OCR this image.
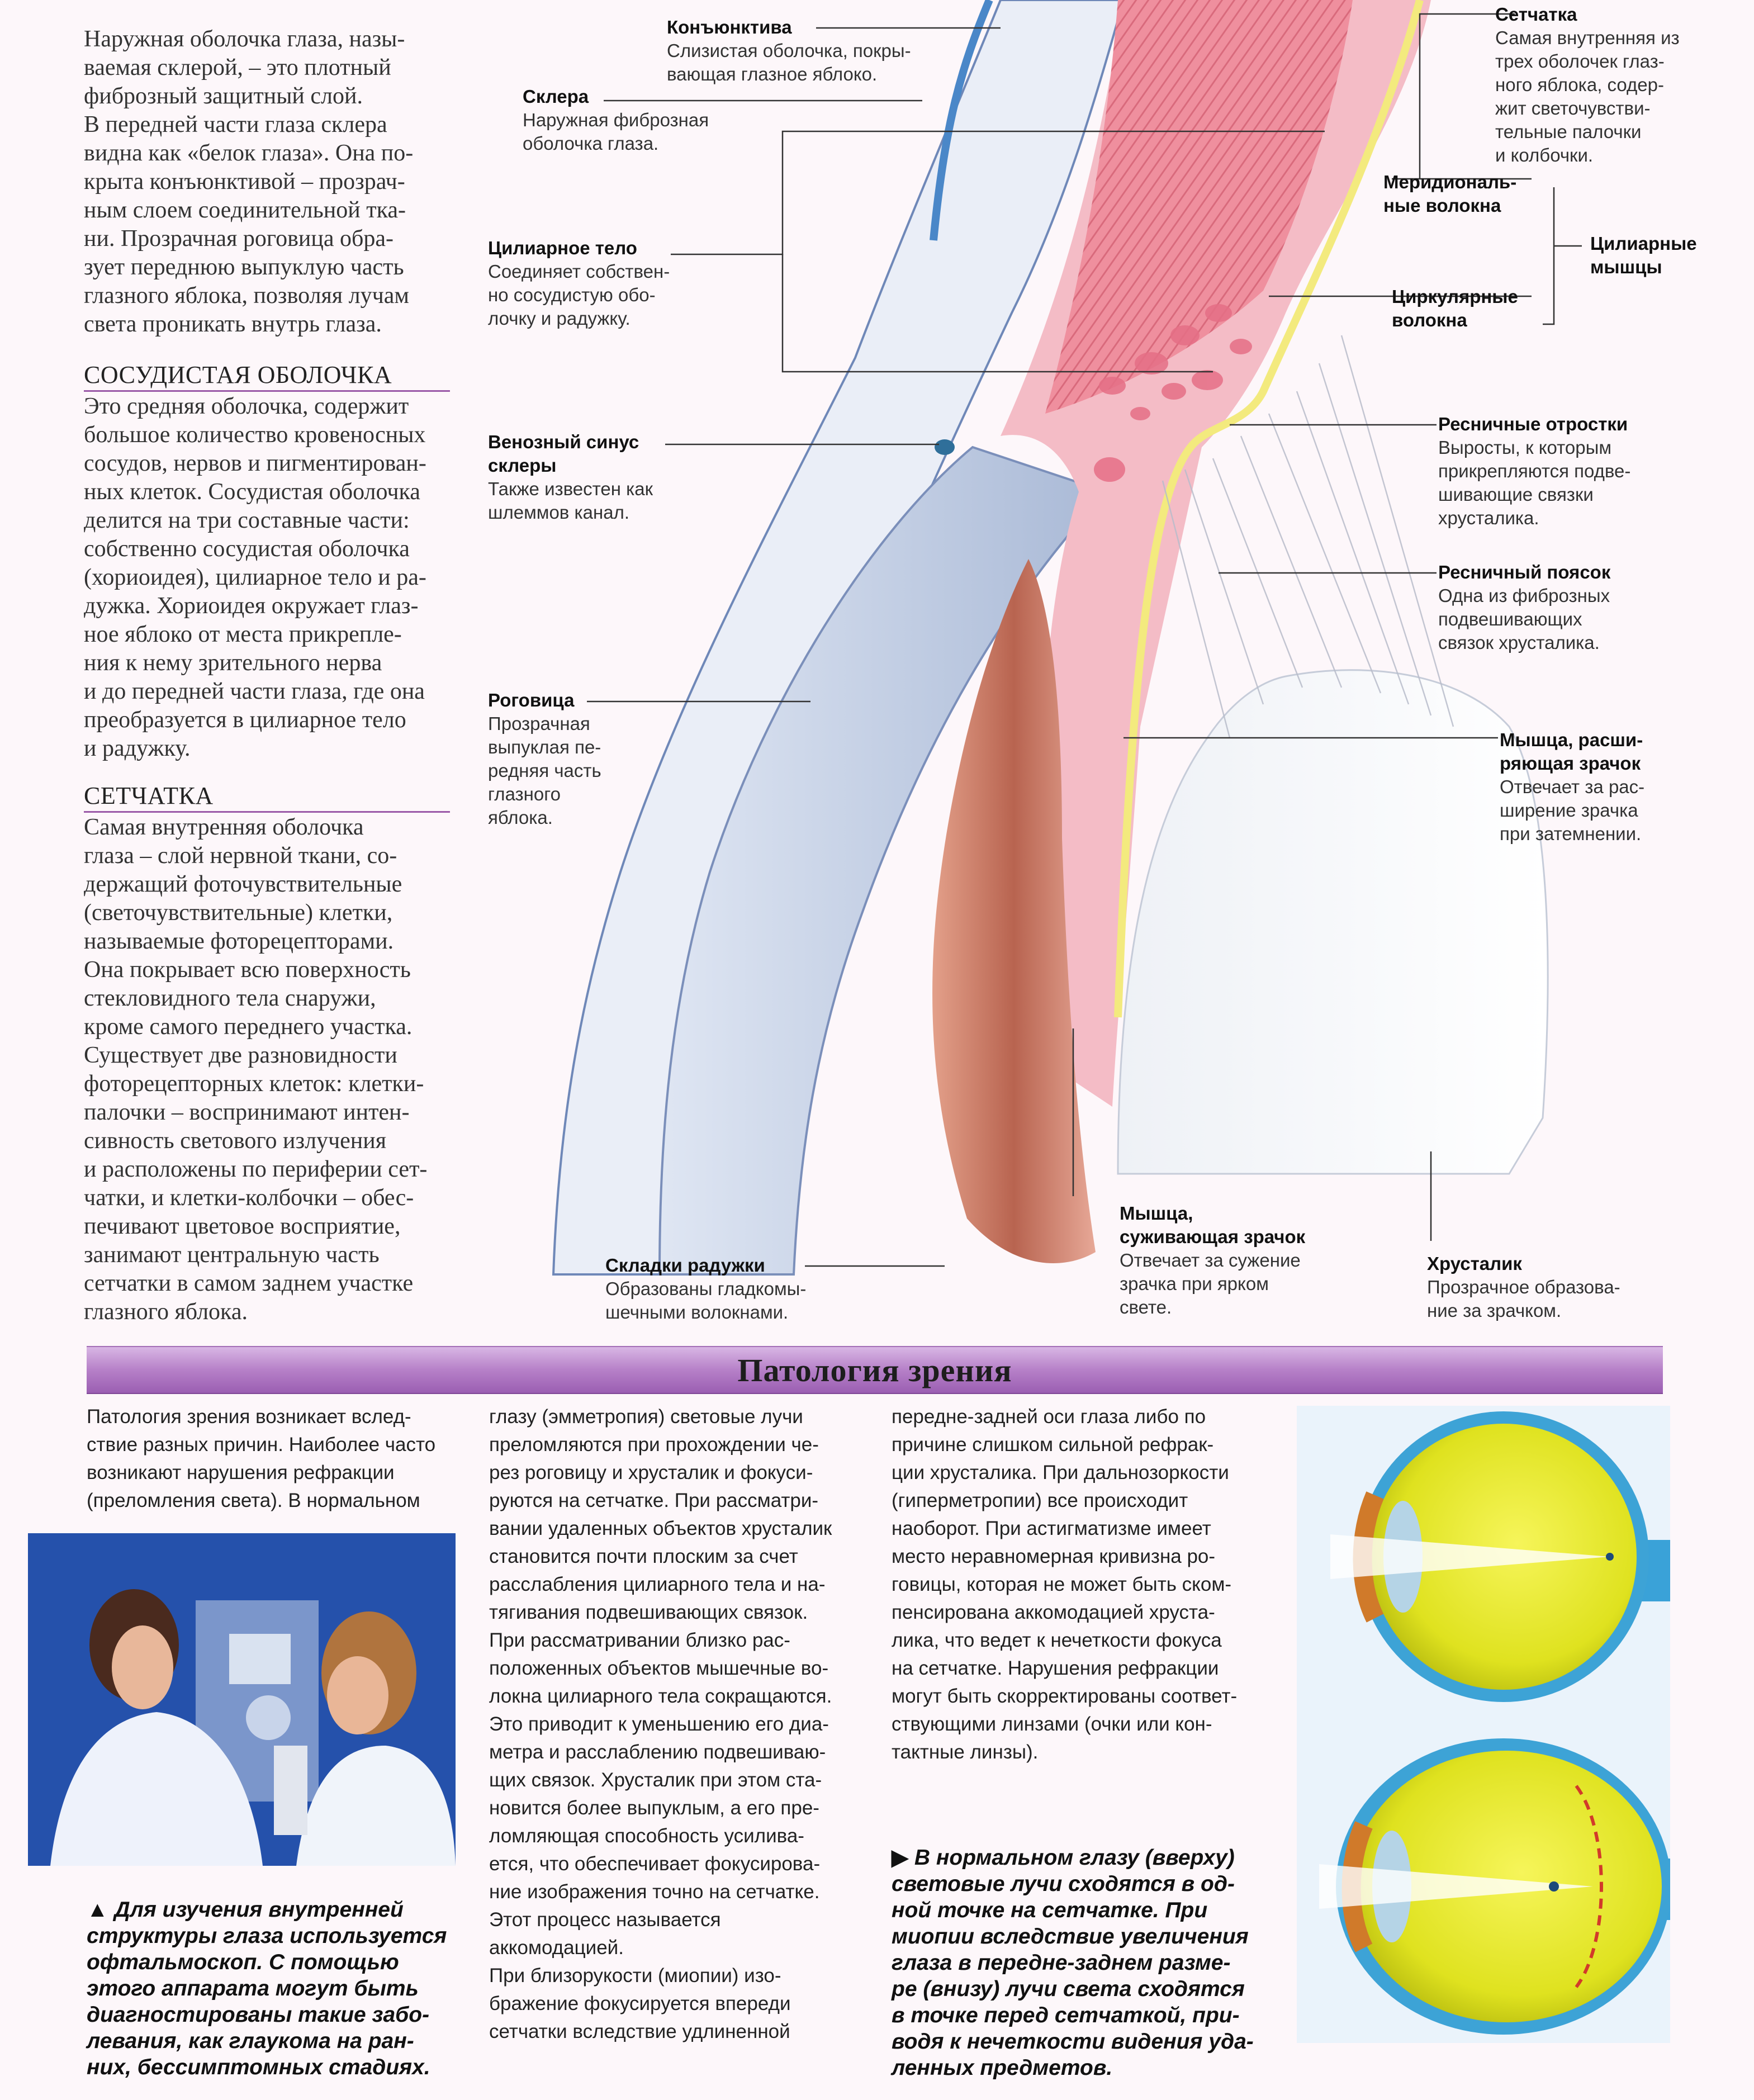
Наружная оболочка глаза, назы-
ваемая склерой, – это плотный
фиброзный защитный слой.
В передней части глаза склера
видна как «белок глаза». Она по-
крыта конъюнктивой – прозрач-
ным слоем соединительной тка-
ни. Прозрачная роговица обра-
зует переднюю выпуклую часть
глазного яблока, позволяя лучам
света проникать внутрь глаза.

СОСУДИСТАЯ ОБОЛОЧКА

Это средняя оболочка, содержит
большое количество кровеносных
сосудов, нервов и пигментирован-
ных клеток. Сосудистая оболочка
делится на три составные части:
собственно сосудистая оболочка
(хориоидея), цилиарное тело и ра-
дужка. Хориоидея окружает глаз-
ное яблоко от места прикрепле-
ния к нему зрительного нерва
и до передней части глаза, где она
преобразуется в цилиарное тело
и радужку.

СЕТЧАТКА

Самая внутренняя оболочка
глаза – слой нервной ткани, со-
держащий фоточувствительные
(светочувствительные) клетки,
называемые фоторецепторами.
Она покрывает всю поверхность
стекловидного тела снаружи,
кроме самого переднего участка.
Существует две разновидности
фоторецепторных клеток: клетки-
палочки – воспринимают интен-
сивность светового излучения
и расположены по периферии сет-
чатки, и клетки-колбочки – обес-
печивают цветовое восприятие,
занимают центральную часть
сетчатки в самом заднем участке
глазного яблока.

Конъюнктива
Слизистая оболочка, покры-
вающая глазное яблоко.
Склера
Наружная фиброзная
оболочка глаза.
Цилиарное тело
Соединяет собствен-
но сосудистую обо-
лочку и радужку.
Венозный синус
склеры
Также известен как
шлеммов канал.
Роговица
Прозрачная
выпуклая пе-
редняя часть
глазного
яблока.
Складки радужки
Образованы гладкомы-
шечными волокнами.
Сетчатка
Самая внутренняя из
трех оболочек глаз-
ного яблока, содер-
жит светочувстви-
тельные палочки
и колбочки.
Меридиональ-
ные волокна
Цилиарные
мышцы
Циркулярные
волокна
Ресничные отростки
Выросты, к которым
прикрепляются подве-
шивающие связки
хрусталика.
Ресничный поясок
Одна из фиброзных
подвешивающих
связок хрусталика.
Мышца, расши-
ряющая зрачок
Отвечает за рас-
ширение зрачка
при затемнении.
Мышца,
суживающая зрачок
Отвечает за сужение
зрачка при ярком
свете.
Хрусталик
Прозрачное образова-
ние за зрачком.
Патология зрения
Патология зрения возникает вслед-
ствие разных причин. Наиболее часто
возникают нарушения рефракции
(преломления света). В нормальном

▲ Для изучения внутренней
структуры глаза используется
офтальмоскоп. С помощью
этого аппарата могут быть
диагностированы такие забо-
левания, как глаукома на ран-
них, бессимптомных стадиях.

глазу (эмметропия) световые лучи
преломляются при прохождении че-
рез роговицу и хрусталик и фокуси-
руются на сетчатке. При рассматри-
вании удаленных объектов хрусталик
становится почти плоским за счет
расслабления цилиарного тела и на-
тягивания подвешивающих связок.
При рассматривании близко рас-
положенных объектов мышечные во-
локна цилиарного тела сокращаются.
Это приводит к уменьшению его диа-
метра и расслаблению подвешиваю-
щих связок. Хрусталик при этом ста-
новится более выпуклым, а его пре-
ломляющая способность усилива-
ется, что обеспечивает фокусирова-
ние изображения точно на сетчатке.
Этот процесс называется
аккомодацией.
При близорукости (миопии) изо-
бражение фокусируется впереди
сетчатки вследствие удлиненной
передне-задней оси глаза либо по
причине слишком сильной рефрак-
ции хрусталика. При дальнозоркости
(гиперметропии) все происходит
наоборот. При астигматизме имеет
место неравномерная кривизна ро-
говицы, которая не может быть ском-
пенсирована аккомодацией хруста-
лика, что ведет к нечеткости фокуса
на сетчатке. Нарушения рефракции
могут быть скорректированы соответ-
ствующими линзами (очки или кон-
тактные линзы).

▶ В нормальном глазу (вверху)
световые лучи сходятся в од-
ной точке на сетчатке. При
миопии вследствие увеличения
глаза в передне-заднем разме-
ре (внизу) лучи света сходятся
в точке перед сетчаткой, при-
водя к нечеткости видения уда-
ленных предметов.
